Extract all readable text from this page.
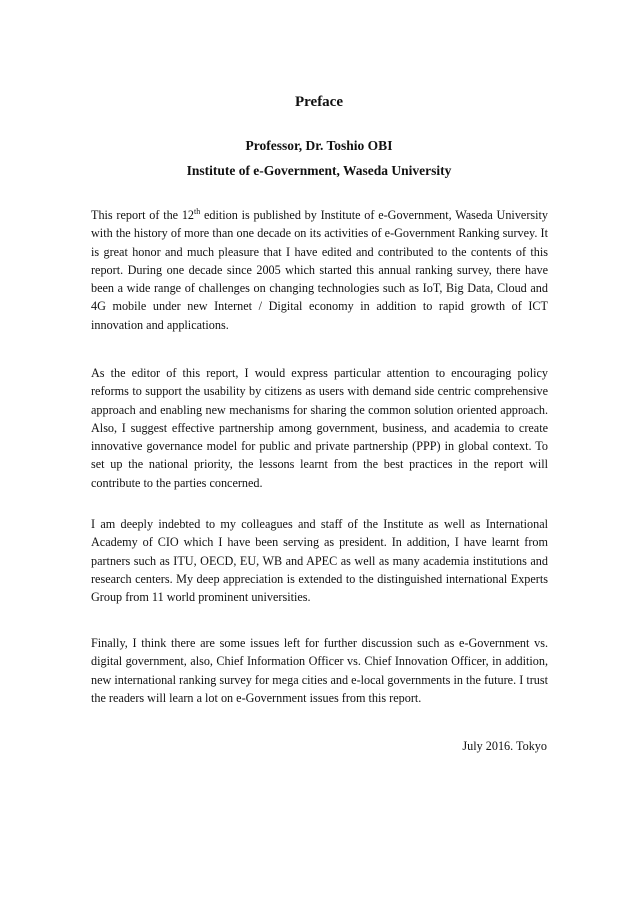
Preface

Professor, Dr. Toshio OBI

Institute of e-Government, Waseda University

This report of the 12th edition is published by Institute of e-Government, Waseda University with the history of more than one decade on its activities of e-Government Ranking survey. It is great honor and much pleasure that I have edited and contributed to the contents of this report. During one decade since 2005 which started this annual ranking survey, there have been a wide range of challenges on changing technologies such as IoT, Big Data, Cloud and 4G mobile under new Internet / Digital economy in addition to rapid growth of ICT innovation and applications.

As the editor of this report, I would express particular attention to encouraging policy reforms to support the usability by citizens as users with demand side centric comprehensive approach and enabling new mechanisms for sharing the common solution oriented approach. Also, I suggest effective partnership among government, business, and academia to create innovative governance model for public and private partnership (PPP) in global context. To set up the national priority, the lessons learnt from the best practices in the report will contribute to the parties concerned.

I am deeply indebted to my colleagues and staff of the Institute as well as International Academy of CIO which I have been serving as president. In addition, I have learnt from partners such as ITU, OECD, EU, WB and APEC as well as many academia institutions and research centers. My deep appreciation is extended to the distinguished international Experts Group from 11 world prominent universities.

Finally, I think there are some issues left for further discussion such as e-Government vs. digital government, also, Chief Information Officer vs. Chief Innovation Officer, in addition, new international ranking survey for mega cities and e-local governments in the future. I trust the readers will learn a lot on e-Government issues from this report.

July 2016. Tokyo
